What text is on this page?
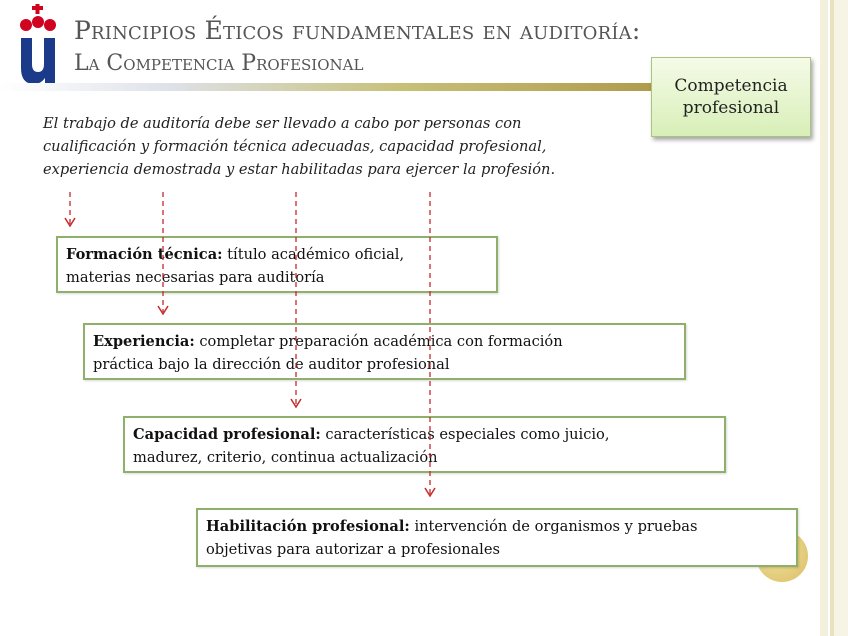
Principios Éticos fundamentales en auditoría:
La Competencia Profesional
Competencia
profesional

El trabajo de auditoría debe ser llevado a cabo por personas con
cualificación y formación técnica adecuadas, capacidad profesional,
experiencia demostrada y estar habilitadas para ejercer la profesión.

Formación técnica: título académico oficial,
materias necesarias para auditoría
Experiencia: completar preparación académica con formación
práctica bajo la dirección de auditor profesional
Capacidad profesional: características especiales como juicio,
madurez, criterio, continua actualización
Habilitación profesional: intervención de organismos y pruebas
objetivas para autorizar a profesionales
